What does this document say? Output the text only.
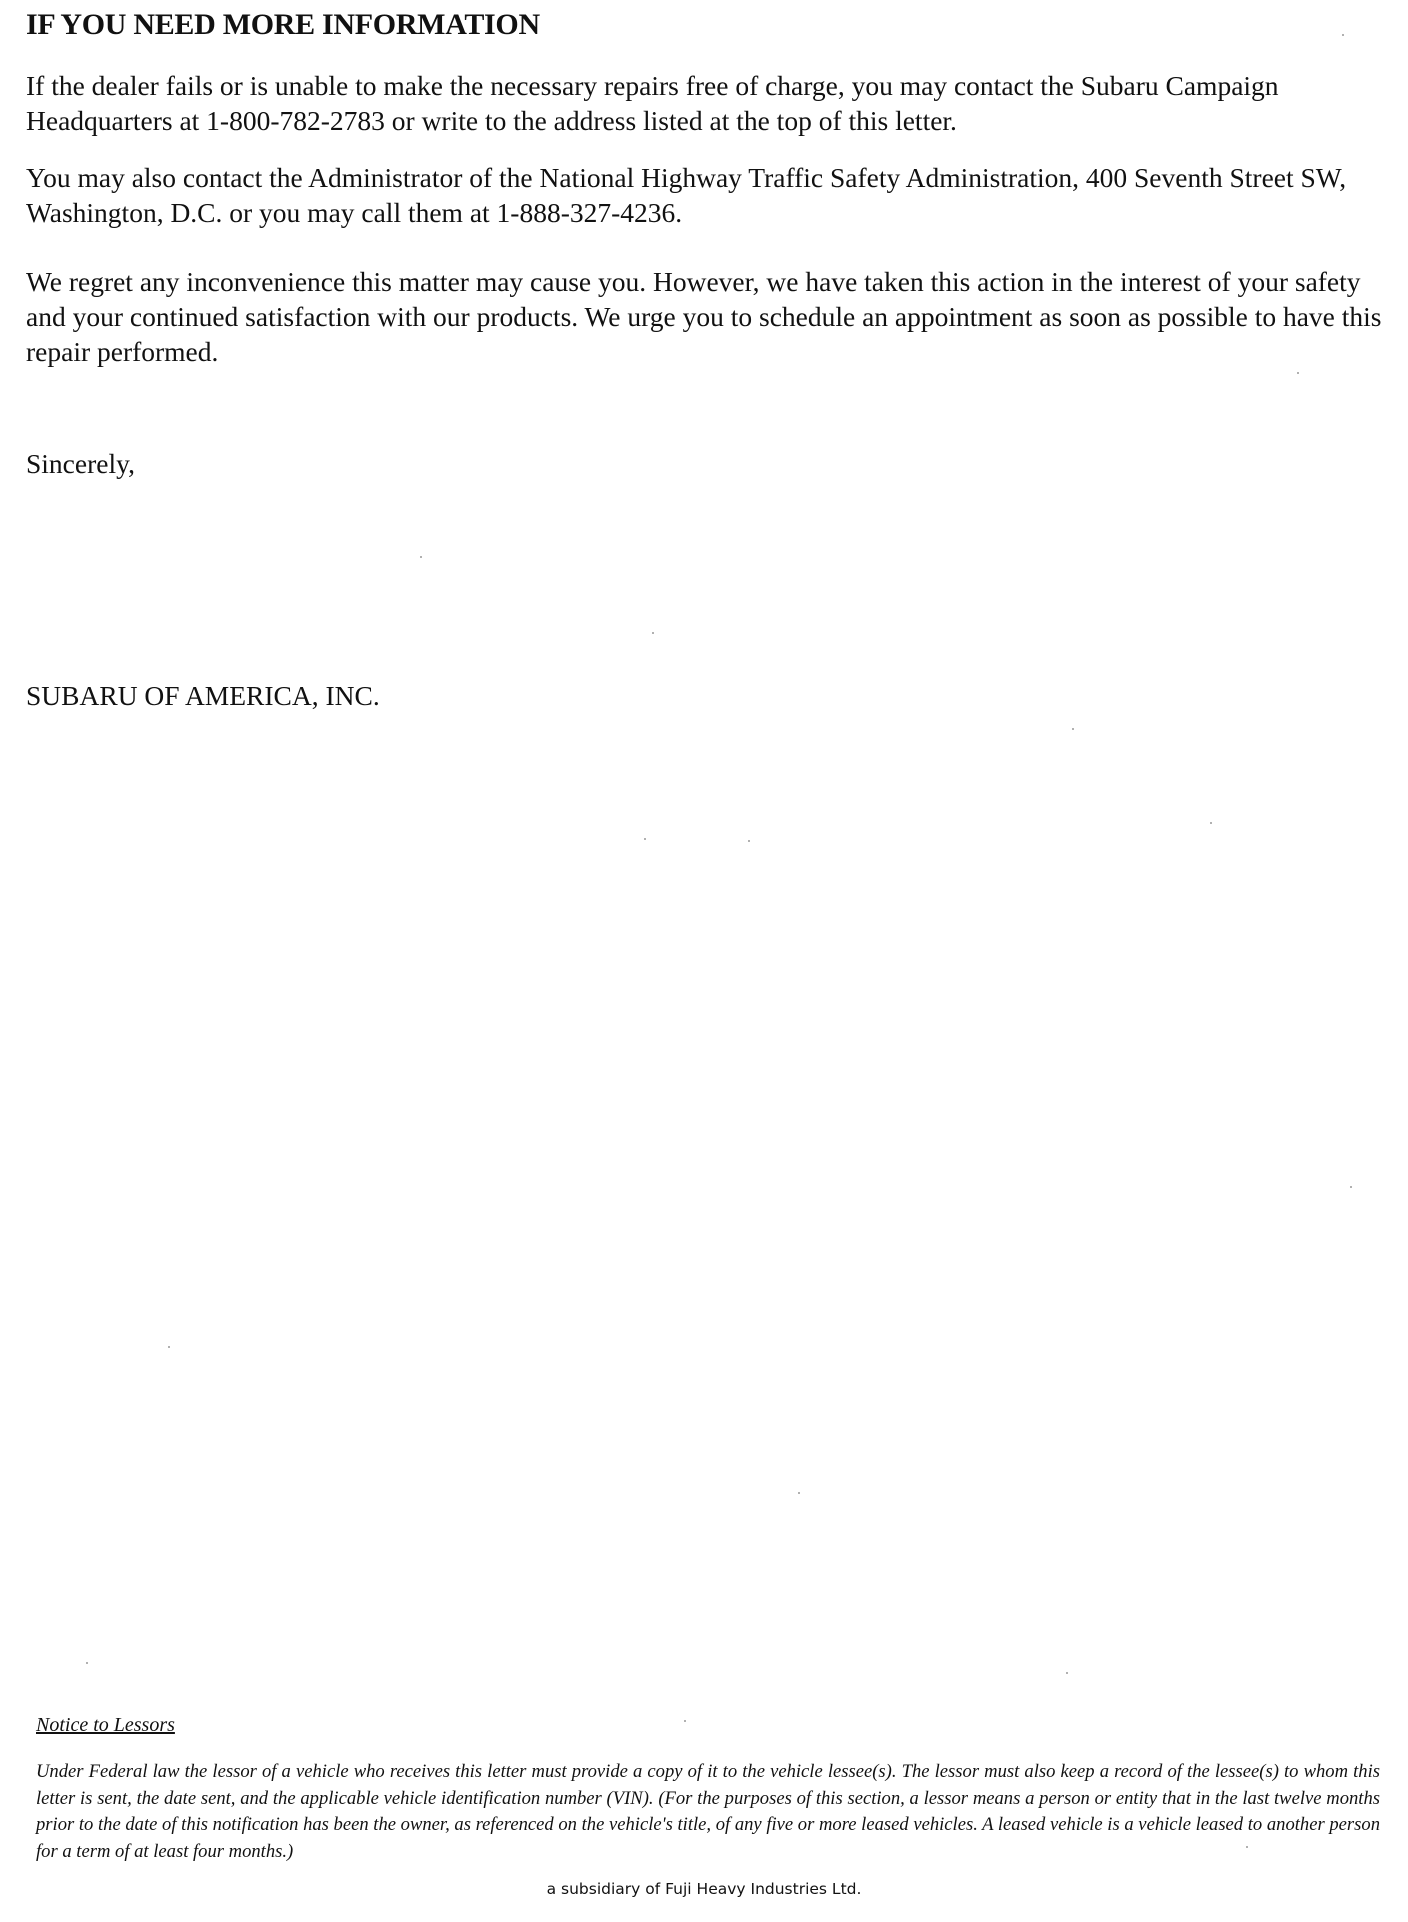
IF YOU NEED MORE INFORMATION

If the dealer fails or is unable to make the necessary repairs free of charge, you may contact the Subaru Campaign Headquarters at 1-800-782-2783 or write to the address listed at the top of this letter.

You may also contact the Administrator of the National Highway Traffic Safety Administration, 400 Seventh Street SW, Washington, D.C. or you may call them at 1-888-327-4236.

We regret any inconvenience this matter may cause you. However, we have taken this action in the interest of your safety and your continued satisfaction with our products. We urge you to schedule an appointment as soon as possible to have this repair performed.

Sincerely,

SUBARU OF AMERICA, INC.

Notice to Lessors

Under Federal law the lessor of a vehicle who receives this letter must provide a copy of it to the vehicle lessee(s). The lessor must also keep a record of the lessee(s) to whom this letter is sent, the date sent, and the applicable vehicle identification number (VIN). (For the purposes of this section, a lessor means a person or entity that in the last twelve months prior to the date of this notification has been the owner, as referenced on the vehicle's title, of any five or more leased vehicles. A leased vehicle is a vehicle leased to another person for a term of at least four months.)

a subsidiary of Fuji Heavy Industries Ltd.
